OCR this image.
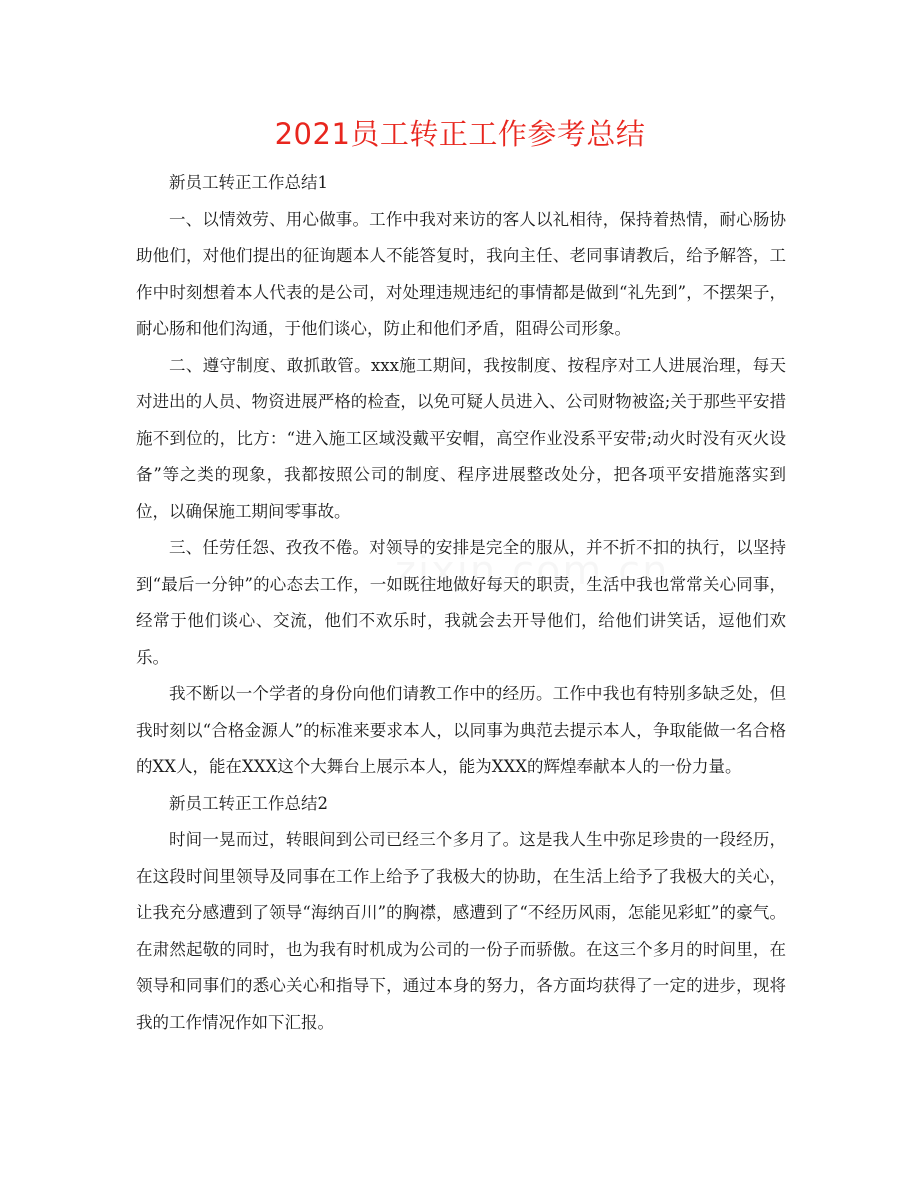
2021员工转正工作参考总结

新员工转正工作总结1

一、以情效劳、用心做事。工作中我对来访的客人以礼相待，保持着热情，耐心肠协助他们，对他们提出的征询题本人不能答复时，我向主任、老同事请教后，给予解答，工作中时刻想着本人代表的是公司，对处理违规违纪的事情都是做到“礼先到”，不摆架子，耐心肠和他们沟通，于他们谈心，防止和他们矛盾，阻碍公司形象。

二、遵守制度、敢抓敢管。xxx施工期间，我按制度、按程序对工人进展治理，每天对进出的人员、物资进展严格的检查，以免可疑人员进入、公司财物被盗;关于那些平安措施不到位的，比方：“进入施工区域没戴平安帽，高空作业没系平安带;动火时没有灭火设备”等之类的现象，我都按照公司的制度、程序进展整改处分，把各项平安措施落实到位，以确保施工期间零事故。

三、任劳任怨、孜孜不倦。对领导的安排是完全的服从，并不折不扣的执行，以坚持到“最后一分钟”的心态去工作，一如既往地做好每天的职责，生活中我也常常关心同事，经常于他们谈心、交流，他们不欢乐时，我就会去开导他们，给他们讲笑话，逗他们欢乐。

我不断以一个学者的身份向他们请教工作中的经历。工作中我也有特别多缺乏处，但我时刻以“合格金源人”的标准来要求本人，以同事为典范去提示本人，争取能做一名合格的XX人，能在XXX这个大舞台上展示本人，能为XXX的辉煌奉献本人的一份力量。

新员工转正工作总结2

时间一晃而过，转眼间到公司已经三个多月了。这是我人生中弥足珍贵的一段经历，在这段时间里领导及同事在工作上给予了我极大的协助，在生活上给予了我极大的关心，让我充分感遭到了领导“海纳百川”的胸襟，感遭到了“不经历风雨，怎能见彩虹”的豪气。在肃然起敬的同时，也为我有时机成为公司的一份子而骄傲。在这三个多月的时间里，在领导和同事们的悉心关心和指导下，通过本身的努力，各方面均获得了一定的进步，现将我的工作情况作如下汇报。
